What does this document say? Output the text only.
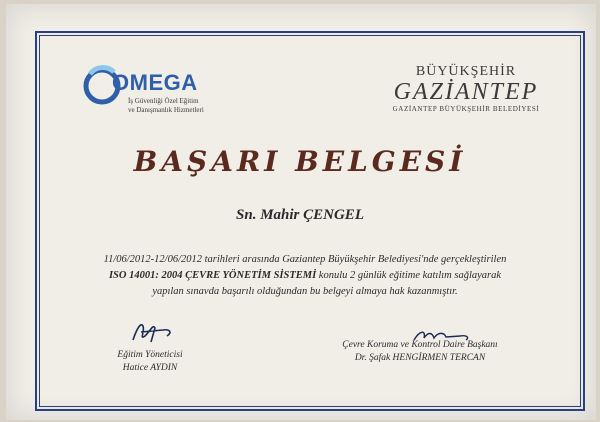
OMEGA
İş Güvenliği Özel Eğitim
ve Danışmanlık Hizmetleri
BÜYÜKŞEHİR
GAZİANTEP
GAZİANTEP BÜYÜKŞEHİR BELEDİYESİ
BAŞARI BELGESİ
Sn. Mahir ÇENGEL
11/06/2012-12/06/2012 tarihleri arasında Gaziantep Büyükşehir Belediyesi'nde gerçekleştirilen
ISO 14001: 2004 ÇEVRE YÖNETİM SİSTEMİ konulu 2 günlük eğitime katılım sağlayarak
yapılan sınavda başarılı olduğundan bu belgeyi almaya hak kazanmıştır.
Eğitim Yöneticisi
Hatice AYDIN
Çevre Koruma ve Kontrol Daire Başkanı
Dr. Şafak HENGİRMEN TERCAN
